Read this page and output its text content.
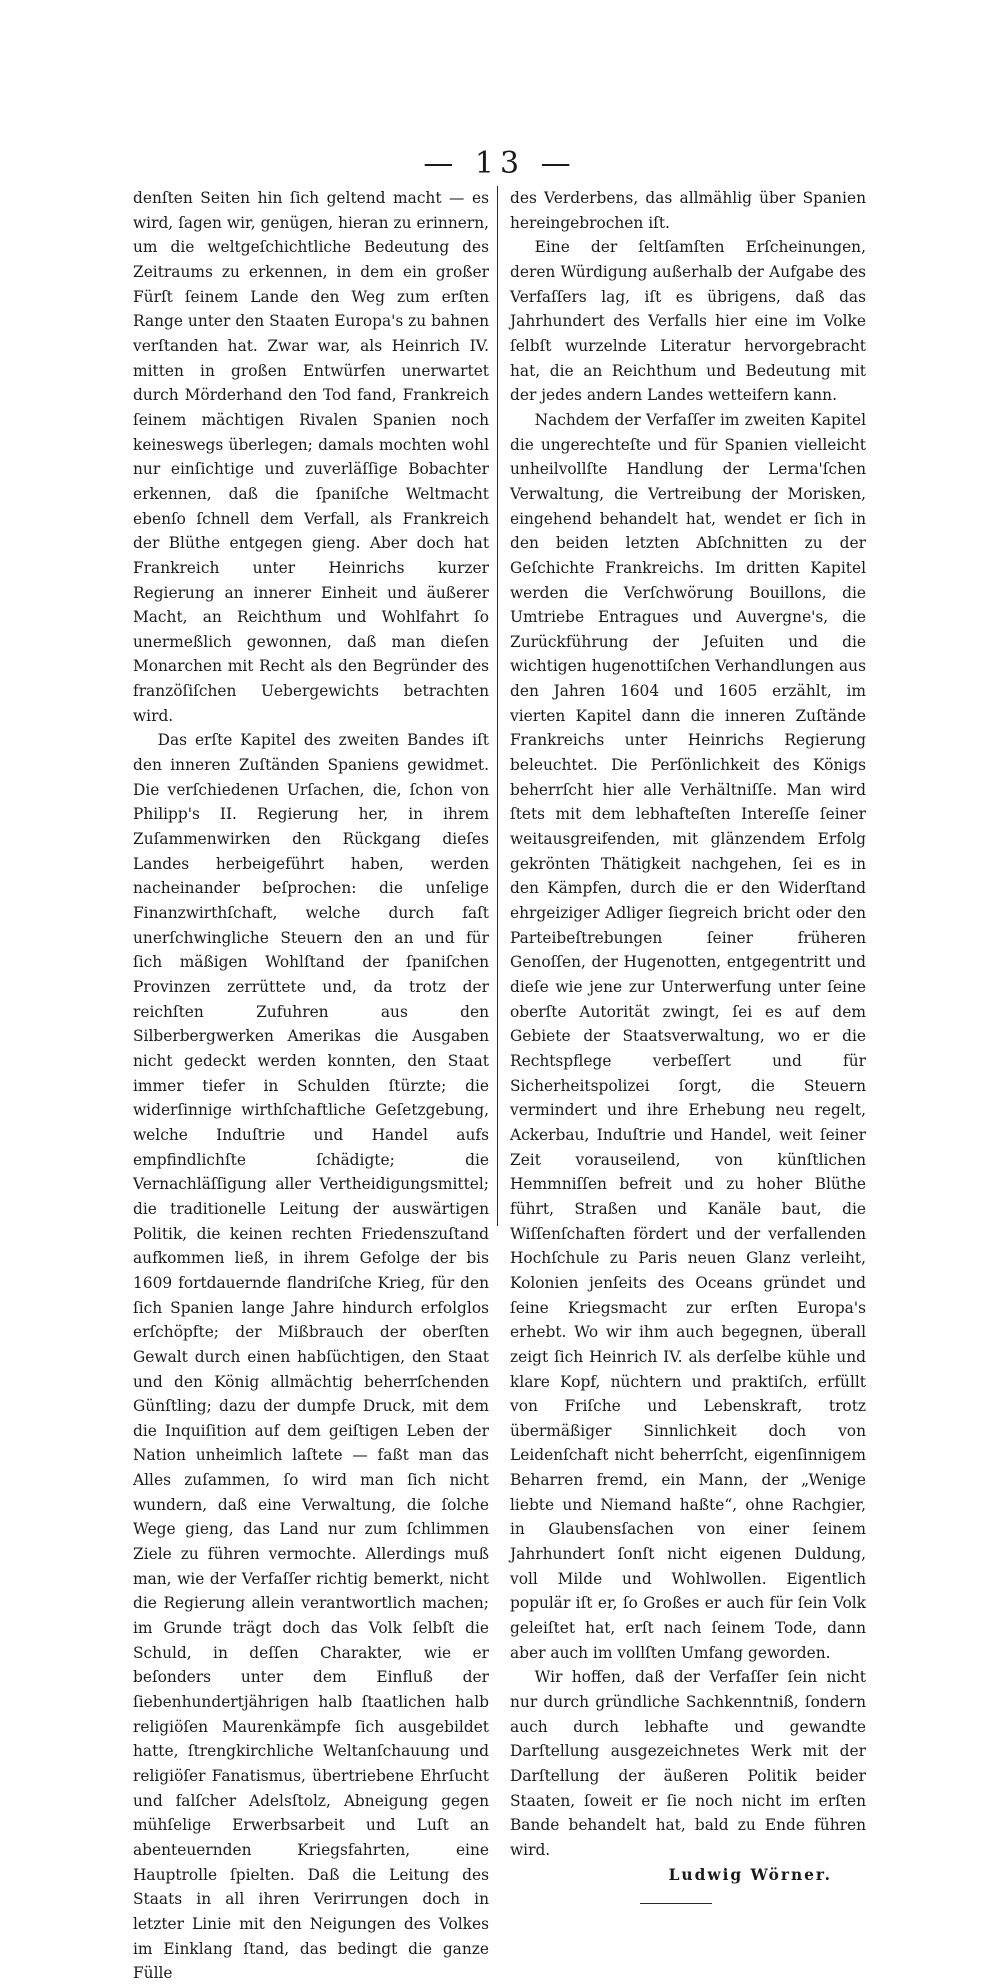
— 13 —

denſten Seiten hin ſich geltend macht — es wird, ſagen wir, genügen, hieran zu erinnern, um die weltgeſchichtliche Bedeutung des Zeitraums zu erkennen, in dem ein großer Fürſt ſeinem Lande den Weg zum erſten Range unter den Staaten Europa's zu bahnen verſtanden hat. Zwar war, als Heinrich IV. mitten in großen Entwürfen unerwartet durch Mörderhand den Tod fand, Frankreich ſeinem mächtigen Rivalen Spanien noch keineswegs überlegen; damals mochten wohl nur einſichtige und zuverläſſige Bobachter erkennen, daß die ſpaniſche Weltmacht ebenſo ſchnell dem Verfall, als Frankreich der Blüthe entgegen gieng. Aber doch hat Frankreich unter Heinrichs kurzer Regierung an innerer Einheit und äußerer Macht, an Reichthum und Wohlfahrt ſo unermeßlich gewonnen, daß man dieſen Monarchen mit Recht als den Begründer des franzöſiſchen Uebergewichts betrachten wird.

Das erſte Kapitel des zweiten Bandes iſt den inneren Zuſtänden Spaniens gewidmet. Die verſchiedenen Urſachen, die, ſchon von Philipp's II. Regierung her, in ihrem Zuſammenwirken den Rückgang dieſes Landes herbeigeführt haben, werden nacheinander beſprochen: die unſelige Finanzwirthſchaft, welche durch faſt unerſchwingliche Steuern den an und für ſich mäßigen Wohlſtand der ſpaniſchen Provinzen zerrüttete und, da trotz der reichſten Zufuhren aus den Silberbergwerken Amerikas die Ausgaben nicht gedeckt werden konnten, den Staat immer tiefer in Schulden ſtürzte; die widerſinnige wirthſchaftliche Geſetzgebung, welche Induſtrie und Handel aufs empfindlichſte ſchädigte; die Vernachläſſigung aller Vertheidigungsmittel; die traditionelle Leitung der auswärtigen Politik, die keinen rechten Friedenszuſtand aufkommen ließ, in ihrem Gefolge der bis 1609 fortdauernde flandriſche Krieg, für den ſich Spanien lange Jahre hindurch erfolglos erſchöpfte; der Mißbrauch der oberſten Gewalt durch einen habſüchtigen, den Staat und den König allmächtig beherrſchenden Günſtling; dazu der dumpfe Druck, mit dem die Inquiſition auf dem geiſtigen Leben der Nation unheimlich laſtete — faßt man das Alles zuſammen, ſo wird man ſich nicht wundern, daß eine Verwaltung, die ſolche Wege gieng, das Land nur zum ſchlimmen Ziele zu führen vermochte. Allerdings muß man, wie der Verfaſſer richtig bemerkt, nicht die Regierung allein verantwortlich machen; im Grunde trägt doch das Volk ſelbſt die Schuld, in deſſen Charakter, wie er beſonders unter dem Einfluß der ſiebenhundertjährigen halb ſtaatlichen halb religiöſen Maurenkämpfe ſich ausgebildet hatte, ſtrengkirchliche Weltanſchauung und religiöſer Fanatismus, übertriebene Ehrſucht und falſcher Adelsſtolz, Abneigung gegen mühſelige Erwerbsarbeit und Luſt an abenteuernden Kriegsfahrten, eine Hauptrolle ſpielten. Daß die Leitung des Staats in all ihren Verirrungen doch in letzter Linie mit den Neigungen des Volkes im Einklang ſtand, das bedingt die ganze Fülle

des Verderbens, das allmählig über Spanien hereingebrochen iſt.

Eine der ſeltſamſten Erſcheinungen, deren Würdigung außerhalb der Aufgabe des Verfaſſers lag, iſt es übrigens, daß das Jahrhundert des Verfalls hier eine im Volke ſelbſt wurzelnde Literatur hervorgebracht hat, die an Reichthum und Bedeutung mit der jedes andern Landes wetteifern kann.

Nachdem der Verfaſſer im zweiten Kapitel die ungerechteſte und für Spanien vielleicht unheilvollſte Handlung der Lerma'ſchen Verwaltung, die Vertreibung der Morisken, eingehend behandelt hat, wendet er ſich in den beiden letzten Abſchnitten zu der Geſchichte Frankreichs. Im dritten Kapitel werden die Verſchwörung Bouillons, die Umtriebe Entragues und Auvergne's, die Zurückführung der Jeſuiten und die wichtigen hugenottiſchen Verhandlungen aus den Jahren 1604 und 1605 erzählt, im vierten Kapitel dann die inneren Zuſtände Frankreichs unter Heinrichs Regierung beleuchtet. Die Perſönlichkeit des Königs beherrſcht hier alle Verhältniſſe. Man wird ſtets mit dem lebhafteſten Intereſſe ſeiner weitausgreifenden, mit glänzendem Erfolg gekrönten Thätigkeit nachgehen, ſei es in den Kämpfen, durch die er den Widerſtand ehrgeiziger Adliger ſiegreich bricht oder den Parteibeſtrebungen ſeiner früheren Genoſſen, der Hugenotten, entgegentritt und dieſe wie jene zur Unterwerfung unter ſeine oberſte Autorität zwingt, ſei es auf dem Gebiete der Staatsverwaltung, wo er die Rechtspflege verbeſſert und für Sicherheitspolizei ſorgt, die Steuern vermindert und ihre Erhebung neu regelt, Ackerbau, Induſtrie und Handel, weit ſeiner Zeit vorauseilend, von künſtlichen Hemmniſſen befreit und zu hoher Blüthe führt, Straßen und Kanäle baut, die Wiſſenſchaften fördert und der verfallenden Hochſchule zu Paris neuen Glanz verleiht, Kolonien jenſeits des Oceans gründet und ſeine Kriegsmacht zur erſten Europa's erhebt. Wo wir ihm auch begegnen, überall zeigt ſich Heinrich IV. als derſelbe kühle und klare Kopf, nüchtern und praktiſch, erfüllt von Friſche und Lebenskraft, trotz übermäßiger Sinnlichkeit doch von Leidenſchaft nicht beherrſcht, eigenſinnigem Beharren fremd, ein Mann, der „Wenige liebte und Niemand haßte“, ohne Rachgier, in Glaubensſachen von einer ſeinem Jahrhundert ſonſt nicht eigenen Duldung, voll Milde und Wohlwollen. Eigentlich populär iſt er, ſo Großes er auch für ſein Volk geleiſtet hat, erſt nach ſeinem Tode, dann aber auch im vollſten Umfang geworden.

Wir hoffen, daß der Verfaſſer ſein nicht nur durch gründliche Sachkenntniß, ſondern auch durch lebhafte und gewandte Darſtellung ausgezeichnetes Werk mit der Darſtellung der äußeren Politik beider Staaten, ſoweit er ſie noch nicht im erſten Bande behandelt hat, bald zu Ende führen wird.

Ludwig Wörner.
